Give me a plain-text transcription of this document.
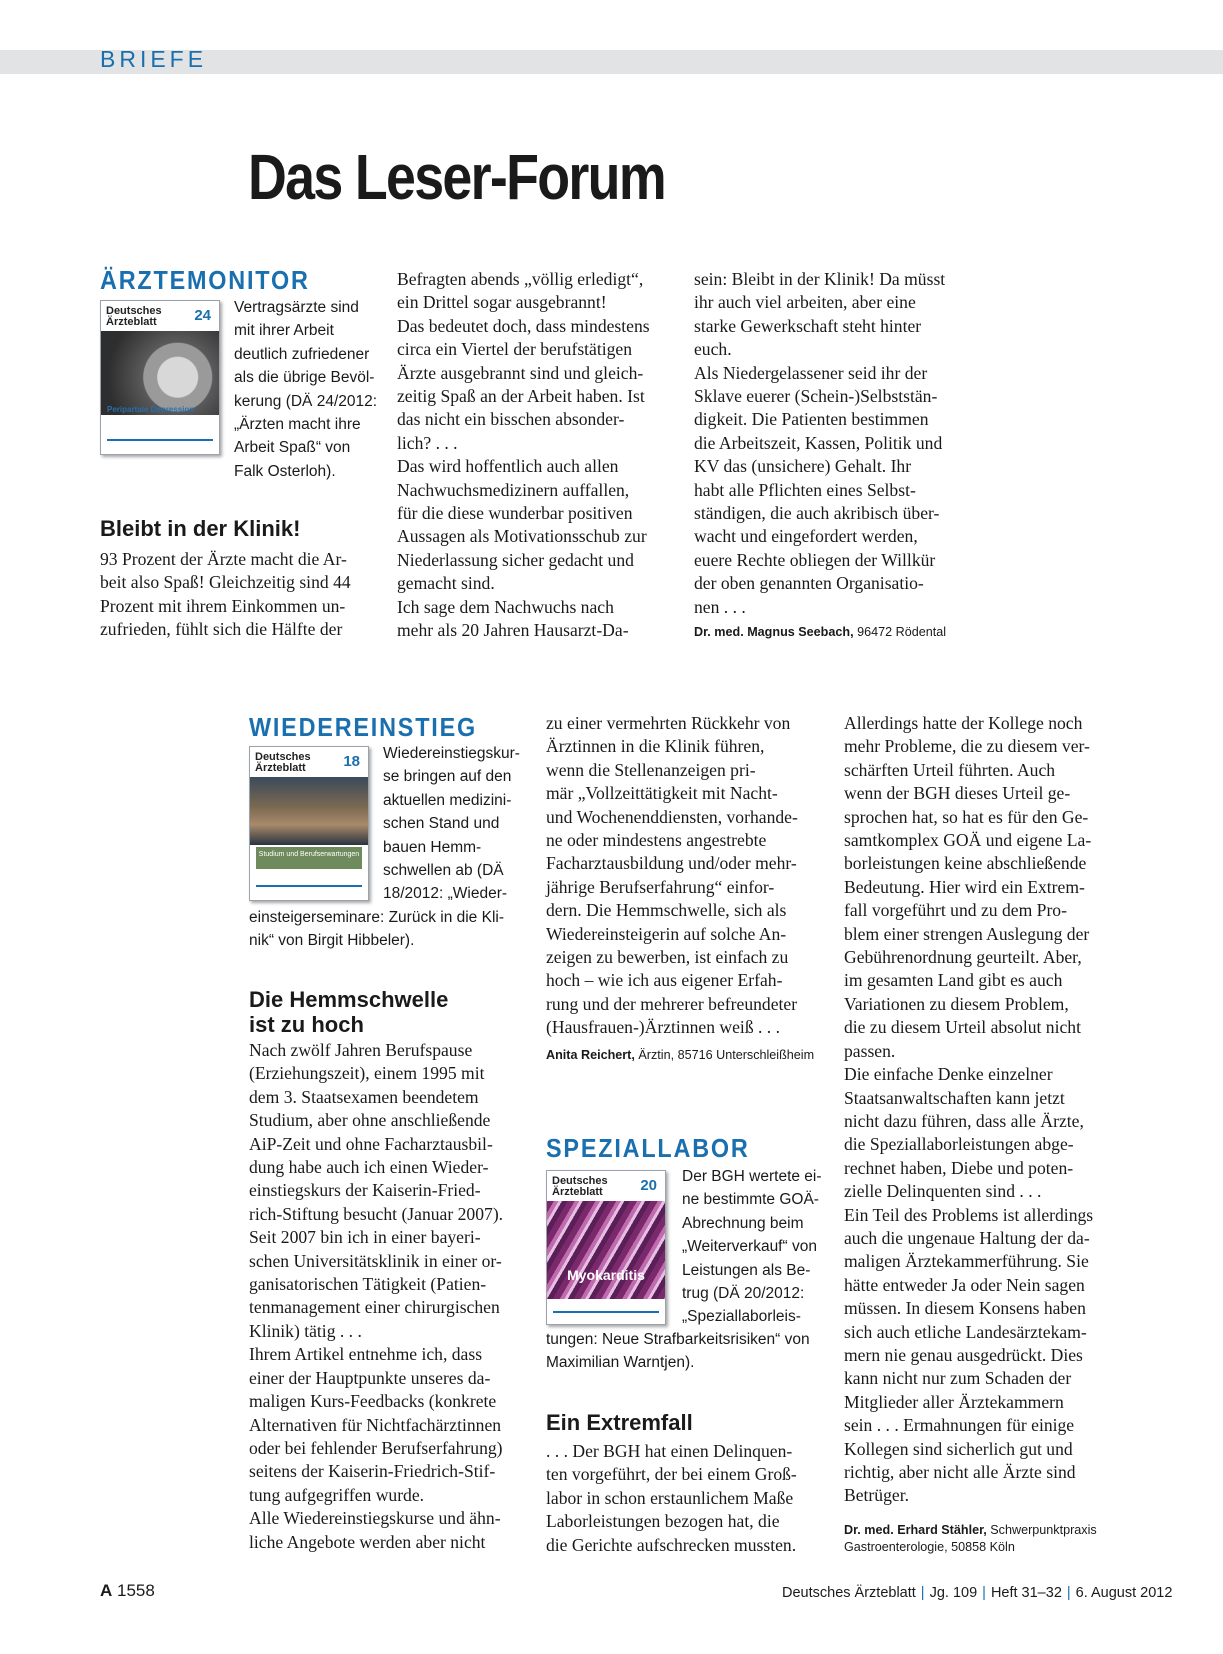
BRIEFE
Das Leser-Forum
ÄRZTEMONITOR
Deutsches
Ärzteblatt	24
Peripartale Depression
Vertragsärzte sind
mit ihrer Arbeit
deutlich zufriedener
als die übrige Bevöl-
kerung (DÄ 24/2012:
„Ärzten macht ihre
Arbeit Spaß“ von
Falk Osterloh).
Bleibt in der Klinik!
93 Prozent der Ärzte macht die Ar-
beit also Spaß! Gleichzeitig sind 44
Prozent mit ihrem Einkommen un-
zufrieden, fühlt sich die Hälfte der
Befragten abends „völlig erledigt“,
ein Drittel sogar ausgebrannt!
Das bedeutet doch, dass mindestens
circa ein Viertel der berufstätigen
Ärzte ausgebrannt sind und gleich-
zeitig Spaß an der Arbeit haben. Ist
das nicht ein bisschen absonder-
lich? . . .
Das wird hoffentlich auch allen
Nachwuchsmedizinern auffallen,
für die diese wunderbar positiven
Aussagen als Motivationsschub zur
Niederlassung sicher gedacht und
gemacht sind.
Ich sage dem Nachwuchs nach
mehr als 20 Jahren Hausarzt-Da-
sein: Bleibt in der Klinik! Da müsst
ihr auch viel arbeiten, aber eine
starke Gewerkschaft steht hinter
euch.
Als Niedergelassener seid ihr der
Sklave euerer (Schein-)Selbststän-
digkeit. Die Patienten bestimmen
die Arbeitszeit, Kassen, Politik und
KV das (unsichere) Gehalt. Ihr
habt alle Pflichten eines Selbst-
ständigen, die auch akribisch über-
wacht und eingefordert werden,
euere Rechte obliegen der Willkür
der oben genannten Organisatio-
nen . . .
Dr. med. Magnus Seebach, 96472 Rödental
WIEDEREINSTIEG
Deutsches
Ärzteblatt	18
Studium und Berufserwartungen
Wiedereinstiegskur-
se bringen auf den
aktuellen medizini-
schen Stand und
bauen Hemm-
schwellen ab (DÄ
18/2012: „Wieder-
einsteigerseminare: Zurück in die Kli-
nik“ von Birgit Hibbeler).
Die Hemmschwelle
ist zu hoch
Nach zwölf Jahren Berufspause
(Erziehungszeit), einem 1995 mit
dem 3. Staatsexamen beendetem
Studium, aber ohne anschließende
AiP-Zeit und ohne Facharztausbil-
dung habe auch ich einen Wieder-
einstiegskurs der Kaiserin-Fried-
rich-Stiftung besucht (Januar 2007).
Seit 2007 bin ich in einer bayeri-
schen Universitätsklinik in einer or-
ganisatorischen Tätigkeit (Patien-
tenmanagement einer chirurgischen
Klinik) tätig . . .
Ihrem Artikel entnehme ich, dass
einer der Hauptpunkte unseres da-
maligen Kurs-Feedbacks (konkrete
Alternativen für Nichtfachärztinnen
oder bei fehlender Berufserfahrung)
seitens der Kaiserin-Friedrich-Stif-
tung aufgegriffen wurde.
Alle Wiedereinstiegskurse und ähn-
liche Angebote werden aber nicht
zu einer vermehrten Rückkehr von
Ärztinnen in die Klinik führen,
wenn die Stellenanzeigen pri-
mär „Vollzeittätigkeit mit Nacht-
und Wochenenddiensten, vorhande-
ne oder mindestens angestrebte
Facharztausbildung und/oder mehr-
jährige Berufserfahrung“ einfor-
dern. Die Hemmschwelle, sich als
Wiedereinsteigerin auf solche An-
zeigen zu bewerben, ist einfach zu
hoch – wie ich aus eigener Erfah-
rung und der mehrerer befreundeter
(Hausfrauen-)Ärztinnen weiß . . .
Anita Reichert, Ärztin, 85716 Unterschleißheim
SPEZIALLABOR
Deutsches
Ärzteblatt	20
Myokarditis
Der BGH wertete ei-
ne bestimmte GOÄ-
Abrechnung beim
„Weiterverkauf“ von
Leistungen als Be-
trug (DÄ 20/2012:
„Speziallaborleis-
tungen: Neue Strafbarkeitsrisiken“ von
Maximilian Warntjen).
Ein Extremfall
. . . Der BGH hat einen Delinquen-
ten vorgeführt, der bei einem Groß-
labor in schon erstaunlichem Maße
Laborleistungen bezogen hat, die
die Gerichte aufschrecken mussten.
Allerdings hatte der Kollege noch
mehr Probleme, die zu diesem ver-
schärften Urteil führten. Auch
wenn der BGH dieses Urteil ge-
sprochen hat, so hat es für den Ge-
samtkomplex GOÄ und eigene La-
borleistungen keine abschließende
Bedeutung. Hier wird ein Extrem-
fall vorgeführt und zu dem Pro-
blem einer strengen Auslegung der
Gebührenordnung geurteilt. Aber,
im gesamten Land gibt es auch
Variationen zu diesem Problem,
die zu diesem Urteil absolut nicht
passen.
Die einfache Denke einzelner
Staatsanwaltschaften kann jetzt
nicht dazu führen, dass alle Ärzte,
die Speziallaborleistungen abge-
rechnet haben, Diebe und poten-
zielle Delinquenten sind . . .
Ein Teil des Problems ist allerdings
auch die ungenaue Haltung der da-
maligen Ärztekammerführung. Sie
hätte entweder Ja oder Nein sagen
müssen. In diesem Konsens haben
sich auch etliche Landesärztekam-
mern nie genau ausgedrückt. Dies
kann nicht nur zum Schaden der
Mitglieder aller Ärztekammern
sein . . . Ermahnungen für einige
Kollegen sind sicherlich gut und
richtig, aber nicht alle Ärzte sind
Betrüger.
Dr. med. Erhard Stähler, Schwerpunktpraxis
Gastroenterologie, 50858 Köln
A 1558	Deutsches Ärzteblatt | Jg. 109 | Heft 31–32 | 6. August 2012
